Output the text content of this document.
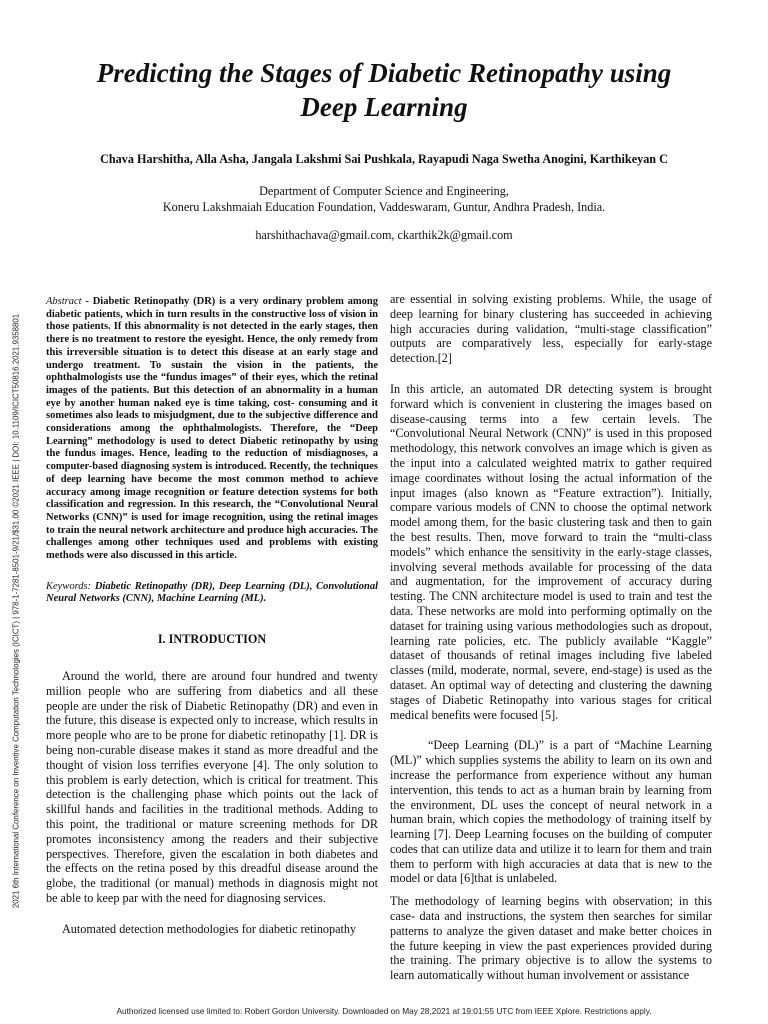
Predicting the Stages of Diabetic Retinopathy using Deep Learning
Chava Harshitha, Alla Asha, Jangala Lakshmi Sai Pushkala, Rayapudi Naga Swetha Anogini, Karthikeyan C
Department of Computer Science and Engineering,
Koneru Lakshmaiah Education Foundation, Vaddeswaram, Guntur, Andhra Pradesh, India.
harshithachava@gmail.com, ckarthik2k@gmail.com
2021 6th International Conference on Inventive Computation Technologies (ICICT) | 978-1-7281-8501-9/21/$31.00 ©2021 IEEE | DOI: 10.1109/ICICT50816.2021.9358801

Abstract - Diabetic Retinopathy (DR) is a very ordinary problem among diabetic patients, which in turn results in the constructive loss of vision in those patients. If this abnormality is not detected in the early stages, then there is no treatment to restore the eyesight. Hence, the only remedy from this irreversible situation is to detect this disease at an early stage and undergo treatment. To sustain the vision in the patients, the ophthalmologists use the “fundus images” of their eyes, which the retinal images of the patients. But this detection of an abnormality in a human eye by another human naked eye is time taking, cost- consuming and it sometimes also leads to misjudgment, due to the subjective difference and considerations among the ophthalmologists. Therefore, the “Deep Learning” methodology is used to detect Diabetic retinopathy by using the fundus images. Hence, leading to the reduction of misdiagnoses, a computer-based diagnosing system is introduced. Recently, the techniques of deep learning have become the most common method to achieve accuracy among image recognition or feature detection systems for both classification and regression. In this research, the “Convolutional Neural Networks (CNN)” is used for image recognition, using the retinal images to train the neural network architecture and produce high accuracies. The challenges among other techniques used and problems with existing methods were also discussed in this article.

Keywords: Diabetic Retinopathy (DR), Deep Learning (DL), Convolutional Neural Networks (CNN), Machine Learning (ML).

I. INTRODUCTION

Around the world, there are around four hundred and twenty million people who are suffering from diabetics and all these people are under the risk of Diabetic Retinopathy (DR) and even in the future, this disease is expected only to increase, which results in more people who are to be prone for diabetic retinopathy [1]. DR is being non-curable disease makes it stand as more dreadful and the thought of vision loss terrifies everyone [4]. The only solution to this problem is early detection, which is critical for treatment. This detection is the challenging phase which points out the lack of skillful hands and facilities in the traditional methods. Adding to this point, the traditional or mature screening methods for DR promotes inconsistency among the readers and their subjective perspectives. Therefore, given the escalation in both diabetes and the effects on the retina posed by this dreadful disease around the globe, the traditional (or manual) methods in diagnosis might not be able to keep par with the need for diagnosing services.

Automated detection methodologies for diabetic retinopathy

are essential in solving existing problems. While, the usage of deep learning for binary clustering has succeeded in achieving high accuracies during validation, “multi-stage classification” outputs are comparatively less, especially for early-stage detection.[2]

In this article, an automated DR detecting system is brought forward which is convenient in clustering the images based on disease-causing terms into a few certain levels. The “Convolutional Neural Network (CNN)” is used in this proposed methodology, this network convolves an image which is given as the input into a calculated weighted matrix to gather required image coordinates without losing the actual information of the input images (also known as “Feature extraction”). Initially, compare various models of CNN to choose the optimal network model among them, for the basic clustering task and then to gain the best results. Then, move forward to train the “multi-class models” which enhance the sensitivity in the early-stage classes, involving several methods available for processing of the data and augmentation, for the improvement of accuracy during testing. The CNN architecture model is used to train and test the data. These networks are mold into performing optimally on the dataset for training using various methodologies such as dropout, learning rate policies, etc. The publicly available “Kaggle” dataset of thousands of retinal images including five labeled classes (mild, moderate, normal, severe, end-stage) is used as the dataset. An optimal way of detecting and clustering the dawning stages of Diabetic Retinopathy into various stages for critical medical benefits were focused [5].

“Deep Learning (DL)” is a part of “Machine Learning (ML)” which supplies systems the ability to learn on its own and increase the performance from experience without any human intervention, this tends to act as a human brain by learning from the environment, DL uses the concept of neural network in a human brain, which copies the methodology of training itself by learning [7]. Deep Learning focuses on the building of computer codes that can utilize data and utilize it to learn for them and train them to perform with high accuracies at data that is new to the model or data [6]that is unlabeled.

The methodology of learning begins with observation; in this case- data and instructions, the system then searches for similar patterns to analyze the given dataset and make better choices in the future keeping in view the past experiences provided during the training. The primary objective is to allow the systems to learn automatically without human involvement or assistance

Authorized licensed use limited to: Robert Gordon University. Downloaded on May 28,2021 at 19:01:55 UTC from IEEE Xplore. Restrictions apply.
